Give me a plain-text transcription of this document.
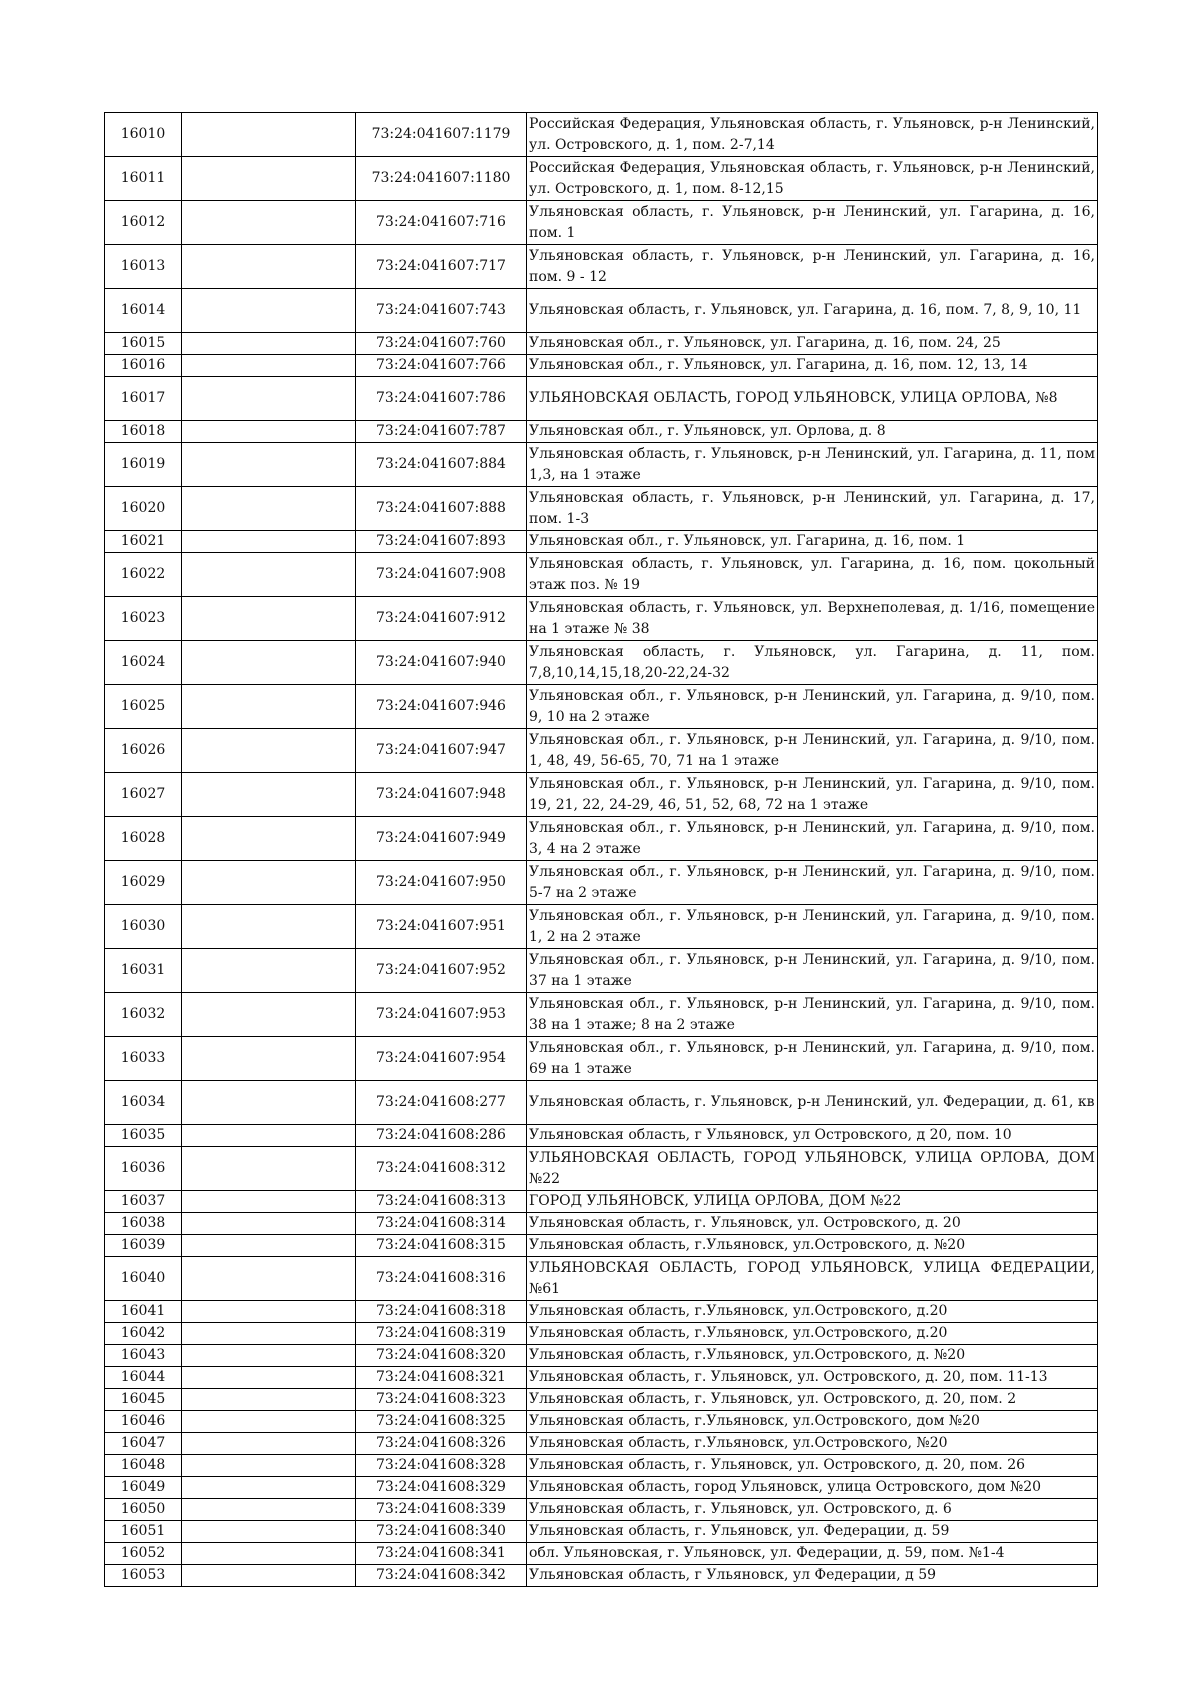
16010		73:24:041607:1179	Российская Федерация, Ульяновская область, г. Ульяновск, р-н Ленинский, ул. Островского, д. 1, пом. 2-7,14
16011		73:24:041607:1180	Российская Федерация, Ульяновская область, г. Ульяновск, р-н Ленинский, ул. Островского, д. 1, пом. 8-12,15
16012		73:24:041607:716	Ульяновская область, г. Ульяновск, р-н Ленинский, ул. Гагарина, д. 16, пом. 1
16013		73:24:041607:717	Ульяновская область, г. Ульяновск, р-н Ленинский, ул. Гагарина, д. 16, пом. 9 - 12
16014		73:24:041607:743	Ульяновская область, г. Ульяновск, ул. Гагарина, д. 16, пом. 7, 8, 9, 10, 11
16015		73:24:041607:760	Ульяновская обл., г. Ульяновск, ул. Гагарина, д. 16, пом. 24, 25
16016		73:24:041607:766	Ульяновская обл., г. Ульяновск, ул. Гагарина, д. 16, пом. 12, 13, 14
16017		73:24:041607:786	УЛЬЯНОВСКАЯ ОБЛАСТЬ, ГОРОД УЛЬЯНОВСК, УЛИЦА ОРЛОВА, №8
16018		73:24:041607:787	Ульяновская обл., г. Ульяновск, ул. Орлова, д. 8
16019		73:24:041607:884	Ульяновская область, г. Ульяновск, р-н Ленинский, ул. Гагарина, д. 11, пом 1,3, на 1 этаже
16020		73:24:041607:888	Ульяновская область, г. Ульяновск, р-н Ленинский, ул. Гагарина, д. 17, пом. 1-3
16021		73:24:041607:893	Ульяновская обл., г. Ульяновск, ул. Гагарина, д. 16, пом. 1
16022		73:24:041607:908	Ульяновская область, г. Ульяновск, ул. Гагарина, д. 16, пом. цокольный этаж поз. № 19
16023		73:24:041607:912	Ульяновская область, г. Ульяновск, ул. Верхнеполевая, д. 1/16, помещение на 1 этаже № 38
16024		73:24:041607:940	Ульяновская область, г. Ульяновск, ул. Гагарина, д. 11, пом. 7,8,10,14,15,18,20-22,24-32
16025		73:24:041607:946	Ульяновская обл., г. Ульяновск, р-н Ленинский, ул. Гагарина, д. 9/10, пом. 9, 10 на 2 этаже
16026		73:24:041607:947	Ульяновская обл., г. Ульяновск, р-н Ленинский, ул. Гагарина, д. 9/10, пом. 1, 48, 49, 56-65, 70, 71 на 1 этаже
16027		73:24:041607:948	Ульяновская обл., г. Ульяновск, р-н Ленинский, ул. Гагарина, д. 9/10, пом. 19, 21, 22, 24-29, 46, 51, 52, 68, 72 на 1 этаже
16028		73:24:041607:949	Ульяновская обл., г. Ульяновск, р-н Ленинский, ул. Гагарина, д. 9/10, пом. 3, 4 на 2 этаже
16029		73:24:041607:950	Ульяновская обл., г. Ульяновск, р-н Ленинский, ул. Гагарина, д. 9/10, пом. 5-7 на 2 этаже
16030		73:24:041607:951	Ульяновская обл., г. Ульяновск, р-н Ленинский, ул. Гагарина, д. 9/10, пом. 1, 2 на 2 этаже
16031		73:24:041607:952	Ульяновская обл., г. Ульяновск, р-н Ленинский, ул. Гагарина, д. 9/10, пом. 37 на 1 этаже
16032		73:24:041607:953	Ульяновская обл., г. Ульяновск, р-н Ленинский, ул. Гагарина, д. 9/10, пом. 38 на 1 этаже; 8 на 2 этаже
16033		73:24:041607:954	Ульяновская обл., г. Ульяновск, р-н Ленинский, ул. Гагарина, д. 9/10, пом. 69 на 1 этаже
16034		73:24:041608:277	Ульяновская область, г. Ульяновск, р-н Ленинский, ул. Федерации, д. 61, кв
16035		73:24:041608:286	Ульяновская область, г Ульяновск, ул Островского, д 20, пом. 10
16036		73:24:041608:312	УЛЬЯНОВСКАЯ ОБЛАСТЬ, ГОРОД УЛЬЯНОВСК, УЛИЦА ОРЛОВА, ДОМ №22
16037		73:24:041608:313	ГОРОД УЛЬЯНОВСК, УЛИЦА ОРЛОВА, ДОМ №22
16038		73:24:041608:314	Ульяновская область, г. Ульяновск, ул. Островского, д. 20
16039		73:24:041608:315	Ульяновская область, г.Ульяновск, ул.Островского, д. №20
16040		73:24:041608:316	УЛЬЯНОВСКАЯ ОБЛАСТЬ, ГОРОД УЛЬЯНОВСК, УЛИЦА ФЕДЕРАЦИИ, №61
16041		73:24:041608:318	Ульяновская область, г.Ульяновск, ул.Островского, д.20
16042		73:24:041608:319	Ульяновская область, г.Ульяновск, ул.Островского, д.20
16043		73:24:041608:320	Ульяновская область, г.Ульяновск, ул.Островского, д. №20
16044		73:24:041608:321	Ульяновская область, г. Ульяновск, ул. Островского, д. 20, пом. 11-13
16045		73:24:041608:323	Ульяновская область, г. Ульяновск, ул. Островского, д. 20, пом. 2
16046		73:24:041608:325	Ульяновская область, г.Ульяновск, ул.Островского, дом №20
16047		73:24:041608:326	Ульяновская область, г.Ульяновск, ул.Островского, №20
16048		73:24:041608:328	Ульяновская область, г. Ульяновск, ул. Островского, д. 20, пом. 26
16049		73:24:041608:329	Ульяновская область, город Ульяновск, улица Островского, дом №20
16050		73:24:041608:339	Ульяновская область, г. Ульяновск, ул. Островского, д. 6
16051		73:24:041608:340	Ульяновская область, г. Ульяновск, ул. Федерации, д. 59
16052		73:24:041608:341	обл. Ульяновская, г. Ульяновск, ул. Федерации, д. 59, пом. №1-4
16053		73:24:041608:342	Ульяновская область, г Ульяновск, ул Федерации, д 59
